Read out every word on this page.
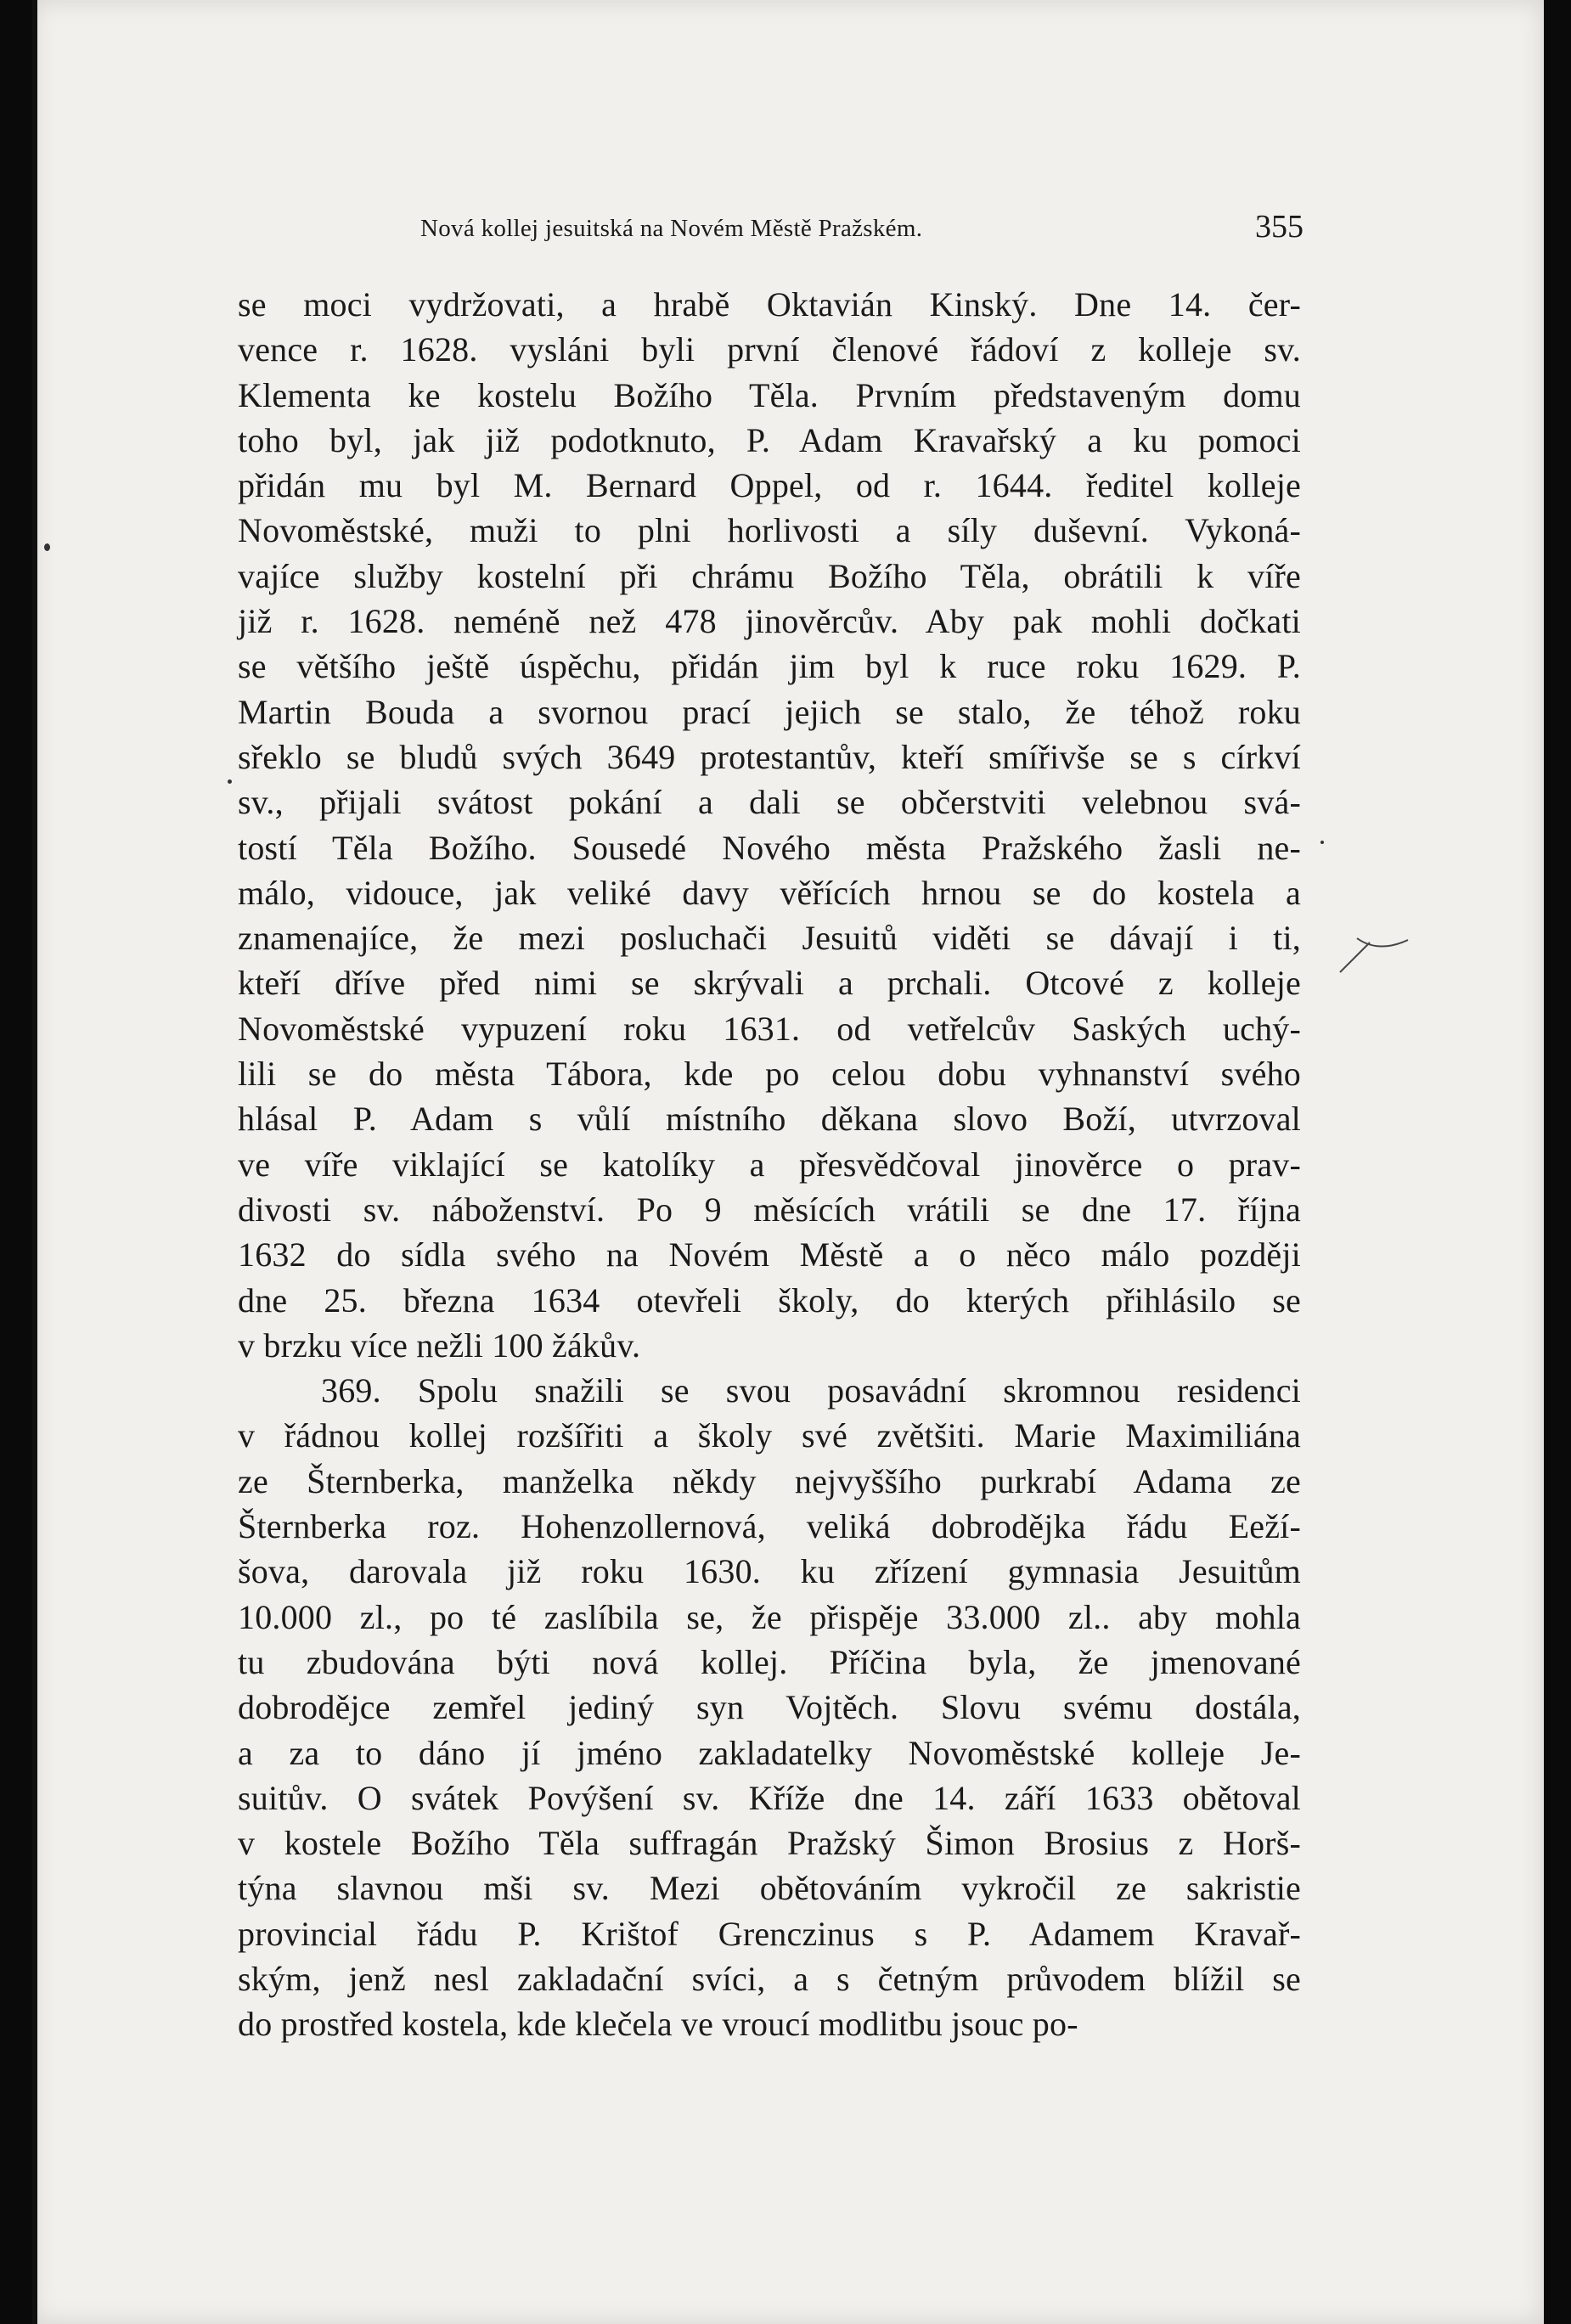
Nová kollej jesuitská na Novém Městě Pražském.	355
se moci vydržovati, a hrabě Oktavián Kinský. Dne 14. čer-
vence r. 1628. vysláni byli první členové řádoví z kolleje sv.
Klementa ke kostelu Božího Těla. Prvním představeným domu
toho byl, jak již podotknuto, P. Adam Kravařský a ku pomoci
přidán mu byl M. Bernard Oppel, od r. 1644. ředitel kolleje
Novoměstské, muži to plni horlivosti a síly duševní. Vykoná-
vajíce služby kostelní při chrámu Božího Těla, obrátili k víře
již r. 1628. neméně než 478 jinověrcův. Aby pak mohli dočkati
se většího ještě úspěchu, přidán jim byl k ruce roku 1629. P.
Martin Bouda a svornou prací jejich se stalo, že téhož roku
sřeklo se bludů svých 3649 protestantův, kteří smířivše se s církví
sv., přijali svátost pokání a dali se občerstviti velebnou svá-
tostí Těla Božího. Sousedé Nového města Pražského žasli ne-
málo, vidouce, jak veliké davy věřících hrnou se do kostela a
znamenajíce, že mezi posluchači Jesuitů viděti se dávají i ti,
kteří dříve před nimi se skrývali a prchali. Otcové z kolleje
Novoměstské vypuzení roku 1631. od vetřelcův Saských uchý-
lili se do města Tábora, kde po celou dobu vyhnanství svého
hlásal P. Adam s vůlí místního děkana slovo Boží, utvrzoval
ve víře viklající se katolíky a přesvědčoval jinověrce o prav-
divosti sv. náboženství. Po 9 měsících vrátili se dne 17. října
1632 do sídla svého na Novém Městě a o něco málo později
dne 25. března 1634 otevřeli školy, do kterých přihlásilo se
v brzku více nežli 100 žákův.
369. Spolu snažili se svou posavádní skromnou residenci
v řádnou kollej rozšířiti a školy své zvětšiti. Marie Maximiliána
ze Šternberka, manželka někdy nejvyššího purkrabí Adama ze
Šternberka roz. Hohenzollernová, veliká dobrodějka řádu Eeží-
šova, darovala již roku 1630. ku zřízení gymnasia Jesuitům
10.000 zl., po té zaslíbila se, že přispěje 33.000 zl.. aby mohla
tu zbudována býti nová kollej. Příčina byla, že jmenované
dobrodějce zemřel jediný syn Vojtěch. Slovu svému dostála,
a za to dáno jí jméno zakladatelky Novoměstské kolleje Je-
suitův. O svátek Povýšení sv. Kříže dne 14. září 1633 obětoval
v kostele Božího Těla suffragán Pražský Šimon Brosius z Horš-
týna slavnou mši sv. Mezi obětováním vykročil ze sakristie
provincial řádu P. Krištof Grenczinus s P. Adamem Kravař-
ským, jenž nesl zakladační svíci, a s četným průvodem blížil se
do prostřed kostela, kde klečela ve vroucí modlitbu jsouc po-
